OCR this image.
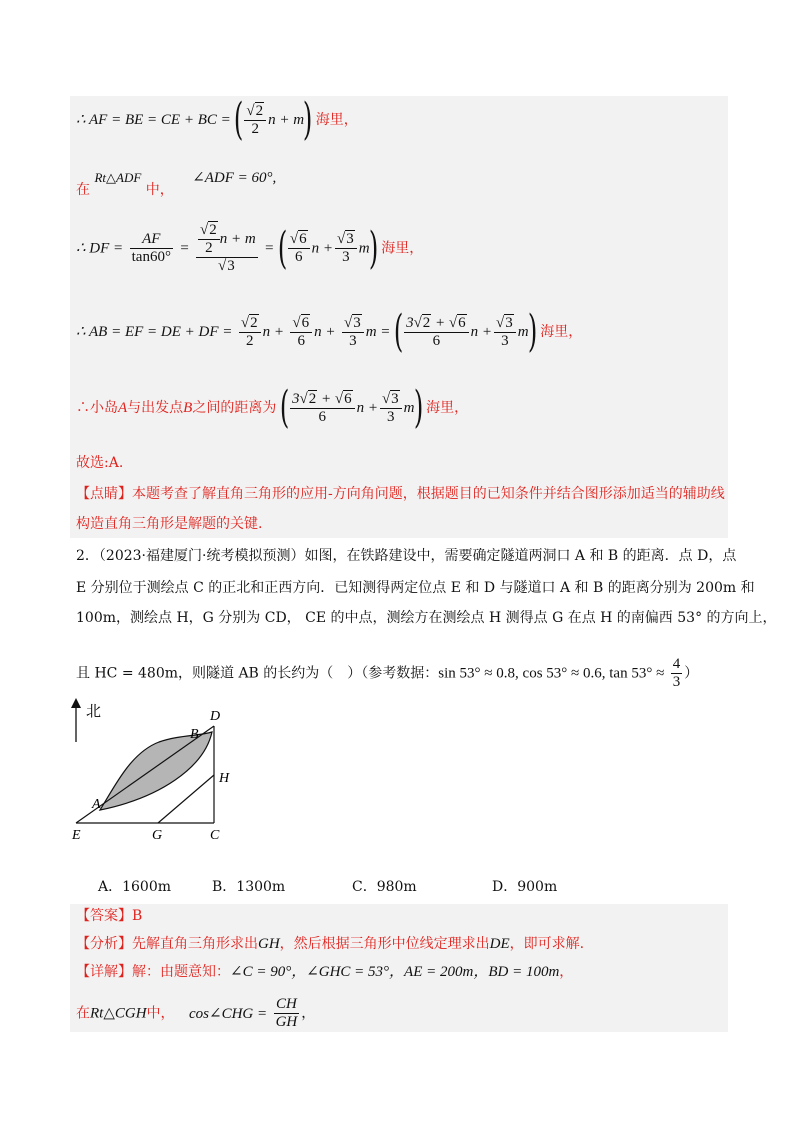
∴ AF = BE = CE + BC = ( $\frac{√2}{2}$ n + m) 海里，
在 Rt△ADF 中， ∠ADF = 60°,
∴ DF = $\frac{AF}{\tan 60^\circ} = \frac{\frac{√2}{2} n + m}{√3}$ = ( $\frac{√6}{6}$ $n + \frac{√3}{3} m$) 海里，
∴ AB = EF = DE + DF = $\frac{√2}{2}$ $n + \frac{√6}{6}$ $n + \frac{√3}{3}$ m = ( $\frac{3√2 + √6}{6}$ $n + \frac{√3}{3} m$) 海里，
∴小岛A与出发点B之间的距离为 ( $\frac{3√2 + √6}{6}$ $n + \frac{√3}{3} m$) 海里，
故选:A.
【点睛】本题考查了解直角三角形的应用-方向角问题，根据题目的已知条件并结合图形添加适当的辅助线
构造直角三角形是解题的关键.
2．（2023·福建厦门·统考模拟预测）如图，在铁路建设中，需要确定隧道两洞口 A 和 B 的距离．点 D，点
E 分别位于测绘点 C 的正北和正西方向．已知测得两定位点 E 和 D 与隧道口 A 和 B 的距离分别为 200m 和
100m，测绘点 H，G 分别为 CD， CE 的中点，测绘方在测绘点 H 测得点 G 在点 H 的南偏西 53° 的方向上，
且 HC = 480m，则隧道 AB 的长约为（　）（参考数据：sin 53° ≈ 0.8, cos 53° ≈ 0.6, $\tan 53^\circ \approx \frac{4}{3}$ ）
北	D
B
H
A
E	G	C
A．1600m	B．1300m	C．980m	D．900m
【答案】B
【分析】先解直角三角形求出GH，然后根据三角形中位线定理求出DE，即可求解.
【详解】解：由题意知：∠C = 90°，∠GHC = 53°，AE = 200m，BD = 100m，
在Rt△CGH中， cos∠CHG = $\frac{CH}{GH}$ ，
